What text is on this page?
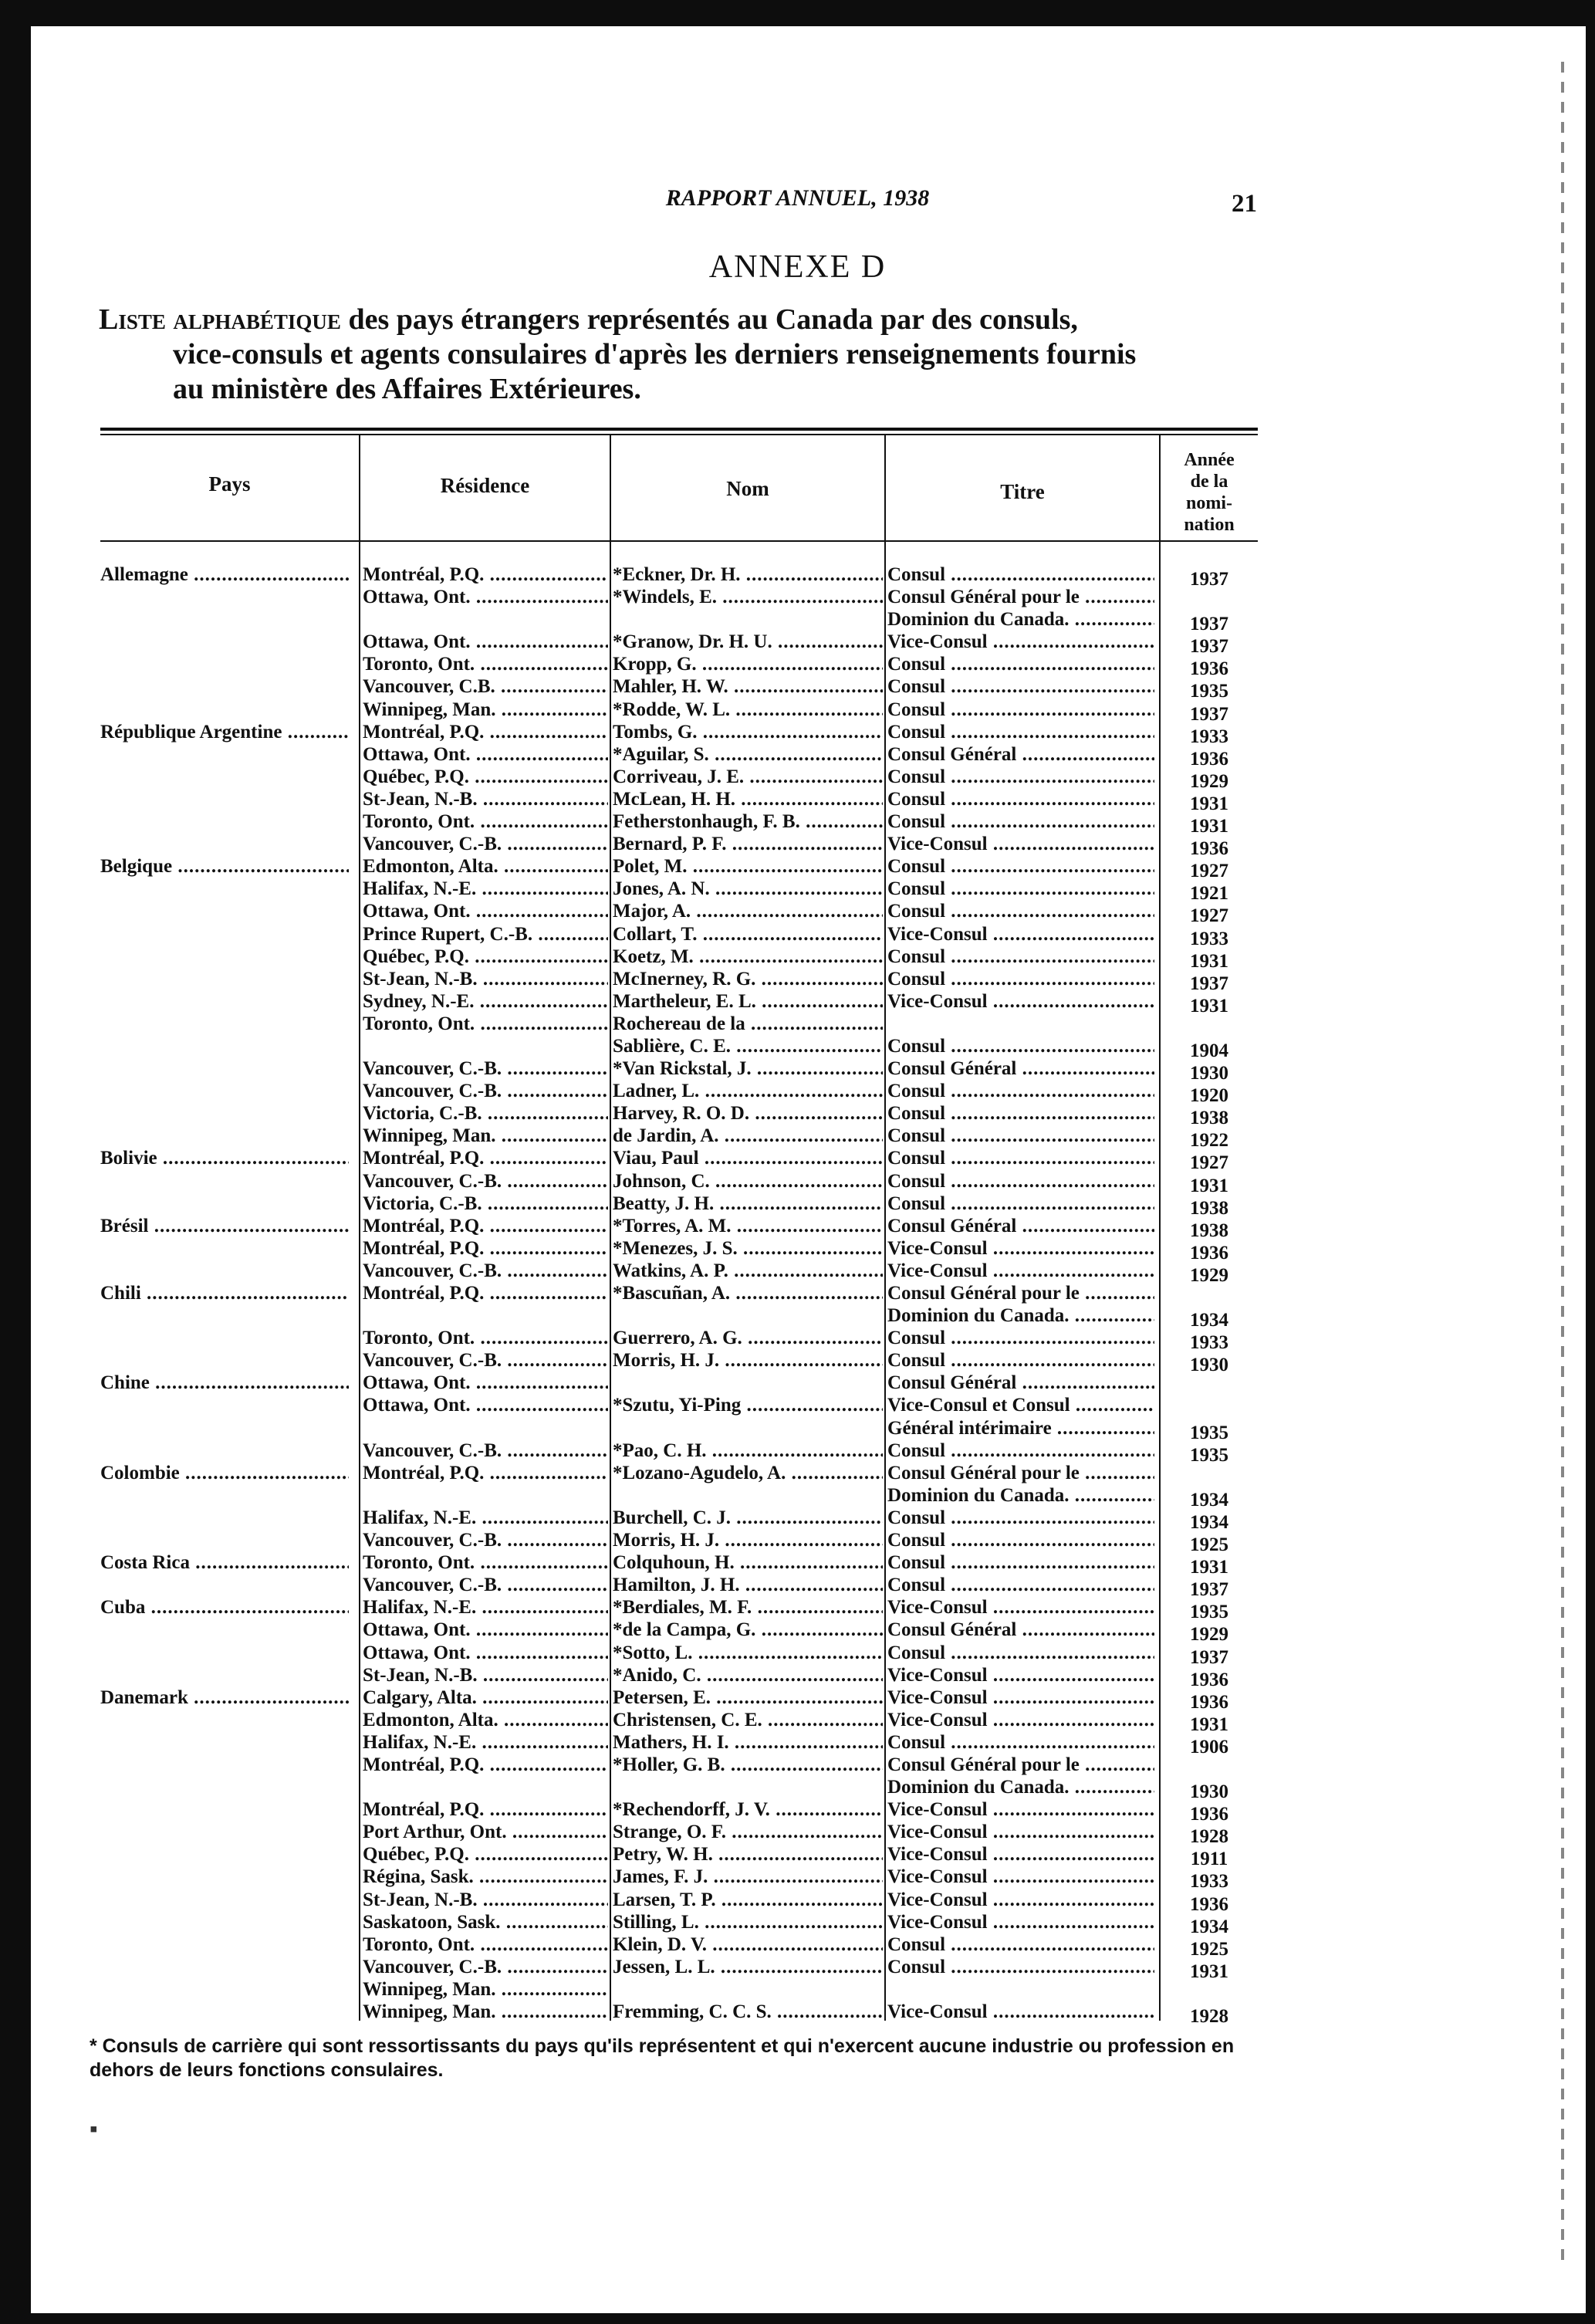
RAPPORT ANNUEL, 1938	21
ANNEXE D
Liste alphabétique des pays étrangers représentés au Canada par des consuls,
vice-consuls et agents consulaires d'après les derniers renseignements fournis
au ministère des Affaires Extérieures.
Pays	Résidence	Nom	Titre
Année
de la
nomi-
nation
Allemagne .....	Montréal, P.Q. .....	*Eckner, Dr. H. .....	Consul .....	1937
Ottawa, Ont. .....	*Windels, E. .....	Consul Général pour le .....
Dominion du Canada. .....	1937
Ottawa, Ont. .....	*Granow, Dr. H. U. .....	Vice-Consul .....	1937
Toronto, Ont. .....	Kropp, G. .....	Consul .....	1936
Vancouver, C.B. .....	Mahler, H. W. .....	Consul .....	1935
Winnipeg, Man. .....	*Rodde, W. L. .....	Consul .....	1937
République Argentine .....	Montréal, P.Q. .....	Tombs, G. .....	Consul .....	1933
Ottawa, Ont. .....	*Aguilar, S. .....	Consul Général .....	1936
Québec, P.Q. .....	Corriveau, J. E. .....	Consul .....	1929
St-Jean, N.-B. .....	McLean, H. H. .....	Consul .....	1931
Toronto, Ont. .....	Fetherstonhaugh, F. B. .....	Consul .....	1931
Vancouver, C.-B. .....	Bernard, P. F. .....	Vice-Consul .....	1936
Belgique .....	Edmonton, Alta. .....	Polet, M. .....	Consul .....	1927
Halifax, N.-E. .....	Jones, A. N. .....	Consul .....	1921
Ottawa, Ont. .....	Major, A. .....	Consul .....	1927
Prince Rupert, C.-B. .....	Collart, T. .....	Vice-Consul .....	1933
Québec, P.Q. .....	Koetz, M. .....	Consul .....	1931
St-Jean, N.-B. .....	McInerney, R. G. .....	Consul .....	1937
Sydney, N.-E. .....	Martheleur, E. L. .....	Vice-Consul .....	1931
Toronto, Ont. .....	Rochereau de la .....
Sablière, C. E. .....	Consul .....	1904
Vancouver, C.-B. .....	*Van Rickstal, J. .....	Consul Général .....	1930
Vancouver, C.-B. .....	Ladner, L. .....	Consul .....	1920
Victoria, C.-B. .....	Harvey, R. O. D. .....	Consul .....	1938
Winnipeg, Man. .....	de Jardin, A. .....	Consul .....	1922
Bolivie .....	Montréal, P.Q. .....	Viau, Paul .....	Consul .....	1927
Vancouver, C.-B. .....	Johnson, C. .....	Consul .....	1931
Victoria, C.-B. .....	Beatty, J. H. .....	Consul .....	1938
Brésil .....	Montréal, P.Q. .....	*Torres, A. M. .....	Consul Général .....	1938
Montréal, P.Q. .....	*Menezes, J. S. .....	Vice-Consul .....	1936
Vancouver, C.-B. .....	Watkins, A. P. .....	Vice-Consul .....	1929
Chili .....	Montréal, P.Q. .....	*Bascuñan, A. .....	Consul Général pour le .....
Dominion du Canada. .....	1934
Toronto, Ont. .....	Guerrero, A. G. .....	Consul .....	1933
Vancouver, C.-B. .....	Morris, H. J. .....	Consul .....	1930
Chine .....	Ottawa, Ont. .....	Consul Général .....
Ottawa, Ont. .....	*Szutu, Yi-Ping .....	Vice-Consul et Consul .....
Général intérimaire .....	1935
Vancouver, C.-B. .....	*Pao, C. H. .....	Consul .....	1935
Colombie .....	Montréal, P.Q. .....	*Lozano-Agudelo, A. .....	Consul Général pour le .....
Dominion du Canada. .....	1934
Halifax, N.-E. .....	Burchell, C. J. .....	Consul .....	1934
Vancouver, C.-B. .....	Morris, H. J. .....	Consul .....	1925
Costa Rica .....	Toronto, Ont. .....	Colquhoun, H. .....	Consul .....	1931
Vancouver, C.-B. .....	Hamilton, J. H. .....	Consul .....	1937
Cuba .....	Halifax, N.-E. .....	*Berdiales, M. F. .....	Vice-Consul .....	1935
Ottawa, Ont. .....	*de la Campa, G. .....	Consul Général .....	1929
Ottawa, Ont. .....	*Sotto, L. .....	Consul .....	1937
St-Jean, N.-B. .....	*Anido, C. .....	Vice-Consul .....	1936
Danemark .....	Calgary, Alta. .....	Petersen, E. .....	Vice-Consul .....	1936
Edmonton, Alta. .....	Christensen, C. E. .....	Vice-Consul .....	1931
Halifax, N.-E. .....	Mathers, H. I. .....	Consul .....	1906
Montréal, P.Q. .....	*Holler, G. B. .....	Consul Général pour le .....
Dominion du Canada. .....	1930
Montréal, P.Q. .....	*Rechendorff, J. V. .....	Vice-Consul .....	1936
Port Arthur, Ont. .....	Strange, O. F. .....	Vice-Consul .....	1928
Québec, P.Q. .....	Petry, W. H. .....	Vice-Consul .....	1911
Régina, Sask. .....	James, F. J. .....	Vice-Consul .....	1933
St-Jean, N.-B. .....	Larsen, T. P. .....	Vice-Consul .....	1936
Saskatoon, Sask. .....	Stilling, L. .....	Vice-Consul .....	1934
Toronto, Ont. .....	Klein, D. V. .....	Consul .....	1925
Vancouver, C.-B. .....	Jessen, L. L. .....	Consul .....	1931
Winnipeg, Man. .....
Winnipeg, Man. .....	Fremming, C. C. S. .....	Vice-Consul .....	1928
* Consuls de carrière qui sont ressortissants du pays qu'ils représentent et qui n'exercent aucune industrie ou profession en dehors de leurs fonctions consulaires.
▪
